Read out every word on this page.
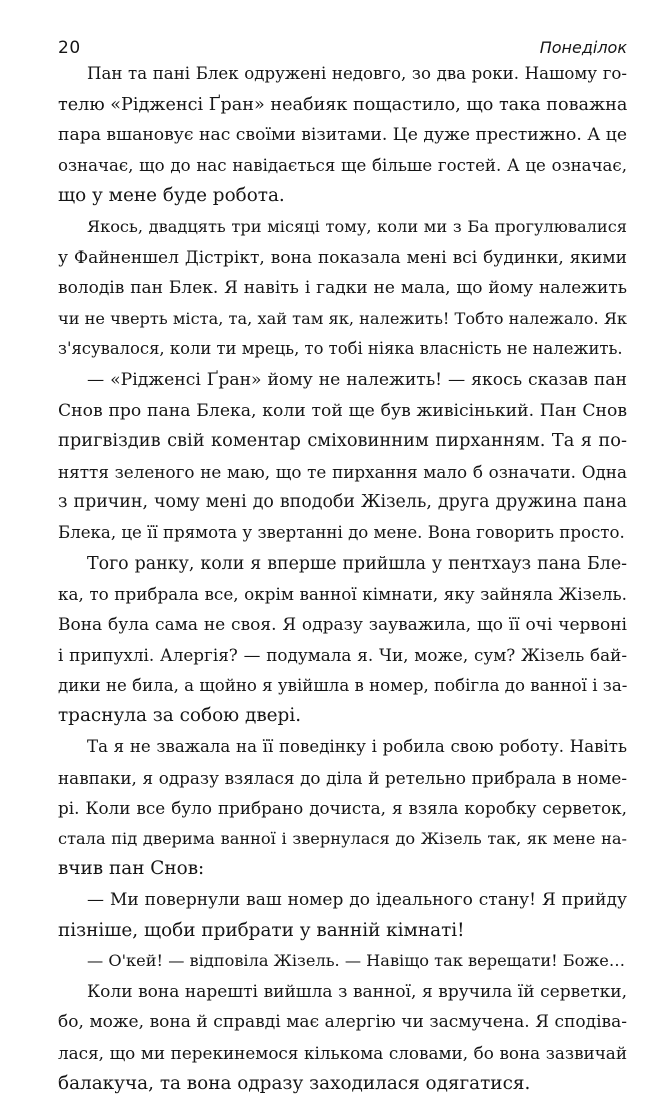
20	Понеділок
Пан та пані Блек одружені недовго, зо два роки. Нашому го-
телю «Рідженсі Ґран» неабияк пощастило, що така поважна
пара вшановує нас своїми візитами. Це дуже престижно. А це
означає, що до нас навідається ще більше гостей. А це означає,
що у мене буде робота.
Якось, двадцять три місяці тому, коли ми з Ба прогулювалися
у Файненшел Дістрікт, вона показала мені всі будинки, якими
володів пан Блек. Я навіть і гадки не мала, що йому належить
чи не чверть міста, та, хай там як, належить! Тобто належало. Як
з'ясувалося, коли ти мрець, то тобі ніяка власність не належить.
— «Рідженсі Ґран» йому не належить! — якось сказав пан
Снов про пана Блека, коли той ще був живісінький. Пан Снов
пригвіздив свій коментар сміховинним пирханням. Та я по-
няття зеленого не маю, що те пирхання мало б означати. Одна
з причин, чому мені до вподоби Жізель, друга дружина пана
Блека, це її прямота у звертанні до мене. Вона говорить просто.
Того ранку, коли я вперше прийшла у пентхауз пана Бле-
ка, то прибрала все, окрім ванної кімнати, яку зайняла Жізель.
Вона була сама не своя. Я одразу зауважила, що її очі червоні
і припухлі. Алергія? — подумала я. Чи, може, сум? Жізель бай-
дики не била, а щойно я увійшла в номер, побігла до ванної і за-
траснула за собою двері.
Та я не зважала на її поведінку і робила свою роботу. Навіть
навпаки, я одразу взялася до діла й ретельно прибрала в номе-
рі. Коли все було прибрано дочиста, я взяла коробку серветок,
стала під дверима ванної і звернулася до Жізель так, як мене на-
вчив пан Снов:
— Ми повернули ваш номер до ідеального стану! Я прийду
пізніше, щоби прибрати у ванній кімнаті!
— О'кей! — відповіла Жізель. — Навіщо так верещати! Боже…
Коли вона нарешті вийшла з ванної, я вручила їй серветки,
бо, може, вона й справді має алергію чи засмучена. Я сподіва-
лася, що ми перекинемося кількома словами, бо вона зазвичай
балакуча, та вона одразу заходилася одягатися.
